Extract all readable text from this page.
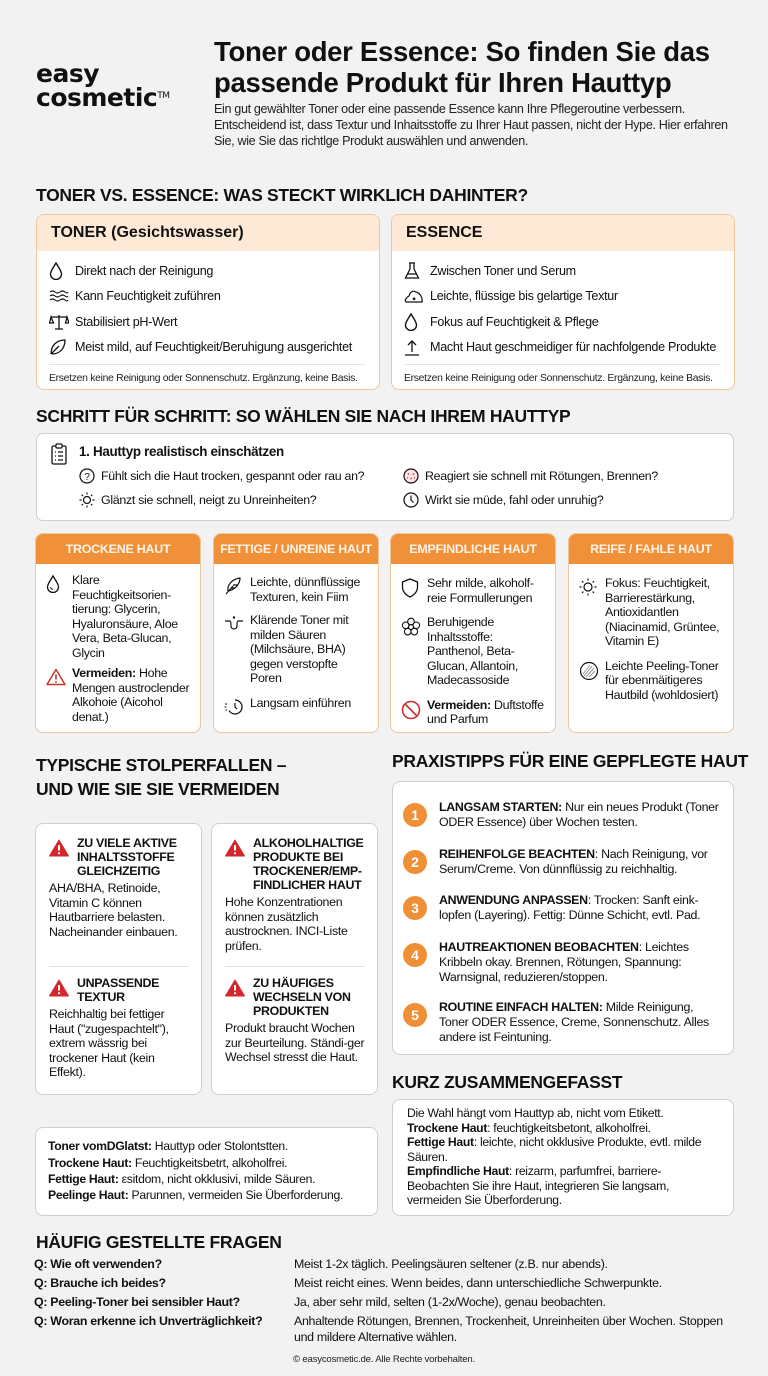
easy
cosmetic™
Toner oder Essence: So finden Sie das passende Produkt für Ihren Hauttyp

Ein gut gewählter Toner oder eine passende Essence kann Ihre Pflegeroutine verbessern. Entscheidend ist, dass Textur und Inhaitsstoffe zu Ihrer Haut passen, nicht der Hype. Hier erfahren Sie, wie Sie das richtlge Produkt auswählen und anwenden.

TONER VS. ESSENCE: WAS STECKT WIRKLICH DAHINTER?
TONER (Gesichtswasser)
Direkt nach der Reinigung
Kann Feuchtigkeit zuführen
Stabilisiert pH-Wert
Meist mild, auf Feuchtigkeit/Beruhigung ausgerichtet
Ersetzen keine Reinigung oder Sonnenschutz. Ergänzung, keine Basis.
ESSENCE
Zwischen Toner und Serum
Leichte, flüssige bis gelartige Textur
Fokus auf Feuchtigkeit & Pflege
Macht Haut geschmeidiger für nachfolgende Produkte
Ersetzen keine Reinigung oder Sonnenschutz. Ergänzung, keine Basis.
SCHRITT FÜR SCHRITT: SO WÄHLEN SIE NACH IHREM HAUTTYP
1. Hauttyp realistisch einschätzen
? Fühlt sich die Haut trocken, gespannt oder rau an?	Reagiert sie schnell mit Rötungen, Brennen?
Glänzt sie schnell, neigt zu Unreinheiten?	Wirkt sie müde, fahl oder unruhig?
TROCKENE HAUT
Klare Feuchtigkeitsorien-tierung: Glycerin, Hyaluronsäure, Aloe Vera, Beta-Glucan, Glycin
Vermeiden: Hohe Mengen austroclender Alkohoie (Aicohol denat.)
FETTIGE / UNREINE HAUT
Leichte, dünnflüssige Texturen, kein Fiim
Klärende Toner mit milden Säuren (Milchsäure, BHA) gegen verstopfte Poren
Langsam einführen
EMPFINDLICHE HAUT
Sehr milde, alkoholf-reie Formullerungen
Beruhigende Inhaltsstoffe: Panthenol, Beta-Glucan, Allantoin, Madecassoside
Vermeiden: Duftstoffe und Parfum
REIFE / FAHLE HAUT
Fokus: Feuchtigkeit, Barrierestärkung, Antioxidantlen (Niacinamid, Grüntee, Vitamin E)
Leichte Peeling-Toner für ebenmäitigeres Hautbild (wohldosiert)
TYPISCHE STOLPERFALLEN –
UND WIE SIE SIE VERMEIDEN
ZU VIELE AKTIVE INHALTSSTOFFE GLEICHZEITIG
AHA/BHA, Retinoide, Vitamin C können Hautbarriere belasten. Nacheinander einbauen.
UNPASSENDE TEXTUR
Reichhaltig bei fettiger Haut ("zugespachtelt"), extrem wässrig bei trockener Haut (kein Effekt).
ALKOHOLHALTIGE PRODUKTE BEI TROCKENER/EMP-FINDLICHER HAUT
Hohe Konzentrationen können zusätzlich austrocknen. INCI-Liste prüfen.
ZU HÄUFIGES WECHSELN VON PRODUKTEN
Produkt braucht Wochen zur Beurteilung. Ständi-ger Wechsel stresst die Haut.
Toner vomDGlatst: Hauttyp oder Stolontstten.
Trockene Haut: Feuchtigkeitsbetrt, alkoholfrei.
Fettige Haut: εsitdom, nicht okklusivi, milde Säuren.
Peelinge Haut: Parunnen, vermeiden Sie Überforderung.
PRAXISTIPPS FÜR EINE GEPFLEGTE HAUT
1	LANGSAM STARTEN: Nur ein neues Produkt (Toner ODER Essence) über Wochen testen.
2	REIHENFOLGE BEACHTEN: Nach Reinigung, vor Serum/Creme. Von dünnflüssig zu reichhaltig.
3	ANWENDUNG ANPASSEN: Trocken: Sanft eink-lopfen (Layering). Fettig: Dünne Schicht, evtl. Pad.
4	HAUTREAKTIONEN BEOBACHTEN: Leichtes Kribbeln okay. Brennen, Rötungen, Spannung: Warnsignal, reduzieren/stoppen.
5	ROUTINE EINFACH HALTEN: Milde Reinigung, Toner ODER Essence, Creme, Sonnenschutz. Alles andere ist Feintuning.
KURZ ZUSAMMENGEFASST
Die Wahl hängt vom Hauttyp ab, nicht vom Etikett.
Trockene Haut: feuchtigkeitsbetont, alkoholfrei.
Fettige Haut: leichte, nicht okklusive Produkte, evtl. milde Säuren.
Empfindliche Haut: reizarm, parfumfrei, barriere-
Beobachten Sie ihre Haut, integrieren Sie langsam, vermeiden Sie Überforderung.
HÄUFIG GESTELLTE FRAGEN
Q: Wie oft verwenden?	Meist 1-2x täglich. Peelingsäuren seltener (z.B. nur abends).
Q: Brauche ich beides?	Meist reicht eines. Wenn beides, dann unterschiedliche Schwerpunkte.
Q: Peeling-Toner bei sensibler Haut?	Ja, aber sehr mild, selten (1-2x/Woche), genau beobachten.
Q: Woran erkenne ich Unverträglichkeit?	Anhaltende Rötungen, Brennen, Trockenheit, Unreinheiten über Wochen. Stoppen und mildere Alternative wählen.
© easycosmetic.de. Alle Rechte vorbehalten.
